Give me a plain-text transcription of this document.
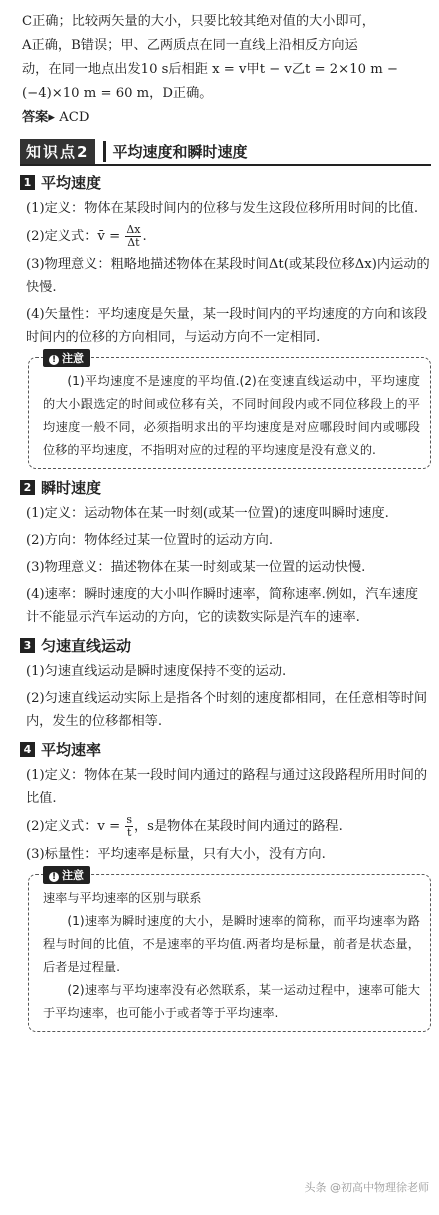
C正确；比较两矢量的大小，只要比较其绝对值的大小即可，

A正确，B错误；甲、乙两质点在同一直线上沿相反方向运

动，在同一地点出发10 s后相距 x = v甲t − v乙t = 2×10 m −

(−4)×10 m = 60 m，D正确。

答案▸ ACD

知识点2	平均速度和瞬时速度
1 平均速度

(1)定义：物体在某段时间内的位移与发生这段位移所用时间的比值.

(2)定义式：v̄ = $\frac{\Delta x}{\Delta t}$ .

(3)物理意义：粗略地描述物体在某段时间Δt(或某段位移Δx)内运动的快慢.

(4)矢量性：平均速度是矢量，某一段时间内的平均速度的方向和该段时间内的位移的方向相同，与运动方向不一定相同.

! 注意

(1)平均速度不是速度的平均值.(2)在变速直线运动中，平均速度的大小跟选定的时间或位移有关，不同时间段内或不同位移段上的平均速度一般不同，必须指明求出的平均速度是对应哪段时间内或哪段位移的平均速度，不指明对应的过程的平均速度是没有意义的.

2 瞬时速度

(1)定义：运动物体在某一时刻(或某一位置)的速度叫瞬时速度.

(2)方向：物体经过某一位置时的运动方向.

(3)物理意义：描述物体在某一时刻或某一位置的运动快慢.

(4)速率：瞬时速度的大小叫作瞬时速率，简称速率.例如，汽车速度计不能显示汽车运动的方向，它的读数实际是汽车的速率.

3 匀速直线运动

(1)匀速直线运动是瞬时速度保持不变的运动.

(2)匀速直线运动实际上是指各个时刻的速度都相同，在任意相等时间内，发生的位移都相等.

4 平均速率

(1)定义：物体在某一段时间内通过的路程与通过这段路程所用时间的比值.

(2)定义式：$v = \frac{s}{t}$ ，s是物体在某段时间内通过的路程.

(3)标量性：平均速率是标量，只有大小，没有方向.

! 注意

速率与平均速率的区别与联系

(1)速率为瞬时速度的大小，是瞬时速率的简称，而平均速率为路程与时间的比值，不是速率的平均值.两者均是标量，前者是状态量，后者是过程量.

(2)速率与平均速率没有必然联系，某一运动过程中，速率可能大于平均速率，也可能小于或者等于平均速率.

头条 @初高中物理徐老师
